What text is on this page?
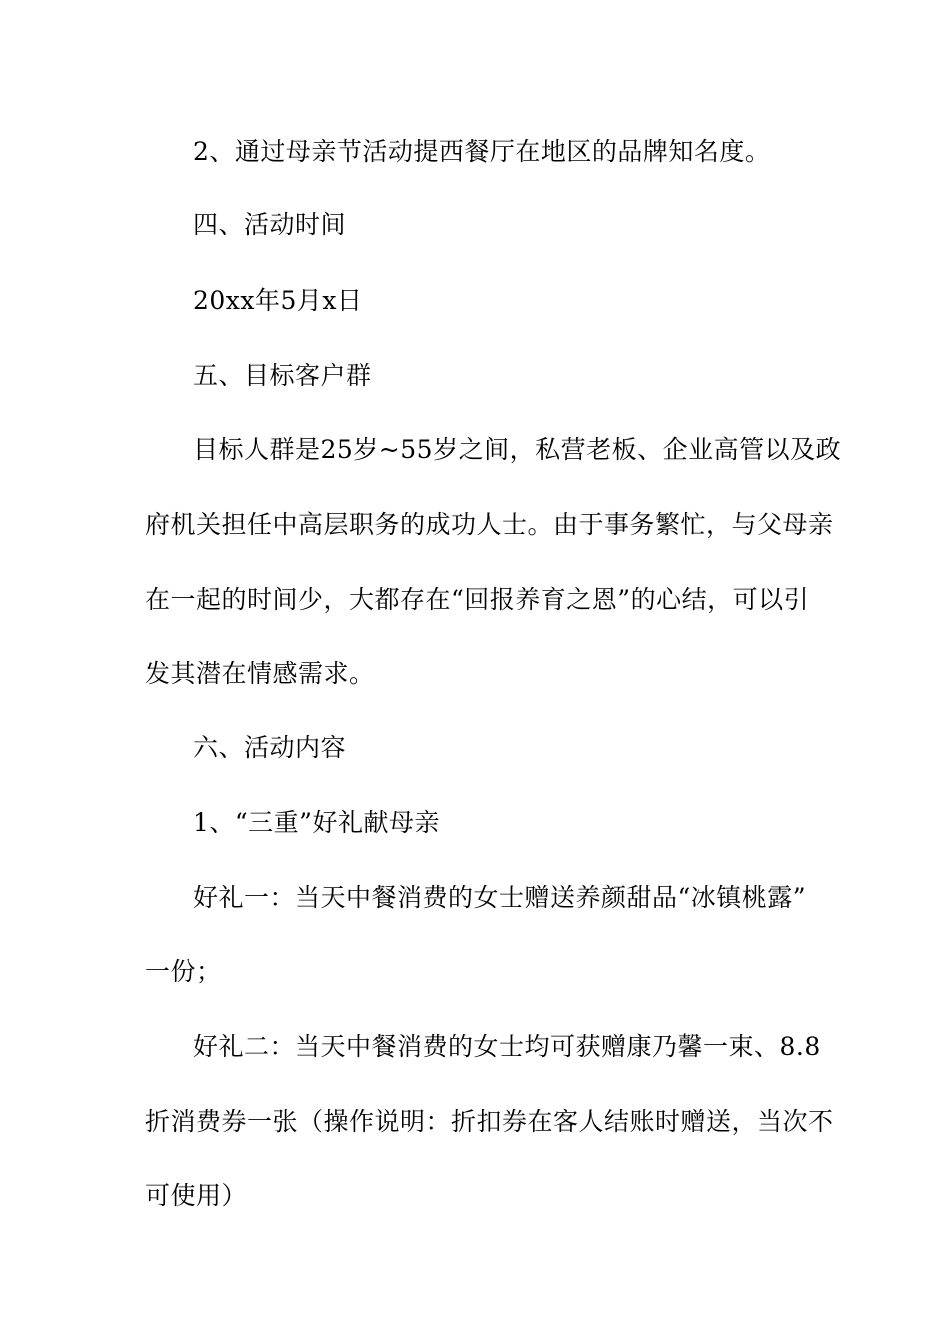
2、通过母亲节活动提西餐厅在地区的品牌知名度。
四、活动时间
20xx年5月x日
五、目标客户群
目标人群是25岁~55岁之间，私营老板、企业高管以及政
府机关担任中高层职务的成功人士。由于事务繁忙，与父母亲
在一起的时间少，大都存在“回报养育之恩”的心结，可以引
发其潜在情感需求。
六、活动内容
1、“三重”好礼献母亲
好礼一：当天中餐消费的女士赠送养颜甜品“冰镇桃露”
一份；
好礼二：当天中餐消费的女士均可获赠康乃馨一束、8.8
折消费券一张（操作说明：折扣券在客人结账时赠送，当次不
可使用）
